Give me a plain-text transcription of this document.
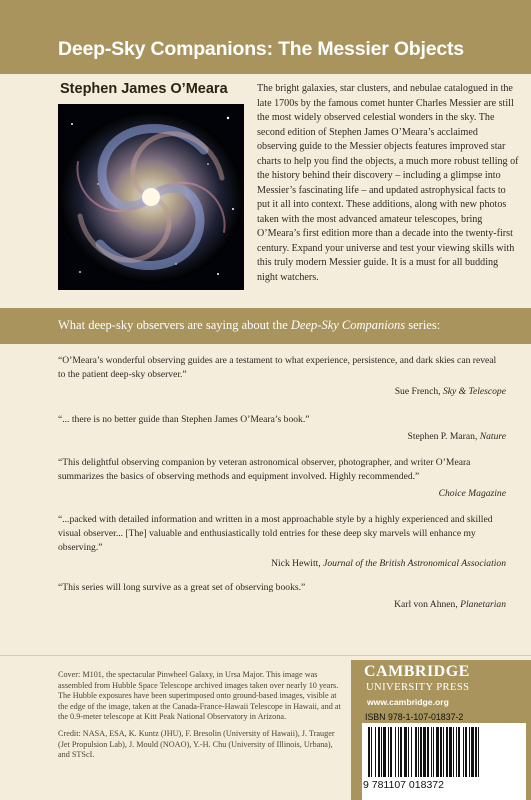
Deep-Sky Companions: The Messier Objects
Stephen James O’Meara	The bright galaxies, star clusters, and nebulae catalogued in the late 1700s by the famous comet hunter Charles Messier are still the most widely observed celestial wonders in the sky. The second edition of Stephen James O’Meara’s acclaimed observing guide to the Messier objects features improved star charts to help you find the objects, a much more robust telling of the history behind their discovery – including a glimpse into Messier’s fascinating life – and updated astrophysical facts to put it all into context. These additions, along with new photos taken with the most advanced amateur telescopes, bring O’Meara’s first edition more than a decade into the twenty-first century. Expand your universe and test your viewing skills with this truly modern Messier guide. It is a must for all budding night watchers.
What deep-sky observers are saying about the Deep-Sky Companions series:
“O’Meara’s wonderful observing guides are a testament to what experience, persistence, and dark skies can reveal to the patient deep-sky observer.”
Sue French, Sky & Telescope
“... there is no better guide than Stephen James O’Meara’s book.”
Stephen P. Maran, Nature
“This delightful observing companion by veteran astronomical observer, photographer, and writer O’Meara summarizes the basics of observing methods and equipment involved. Highly recommended.”
Choice Magazine
“...packed with detailed information and written in a most approachable style by a highly experienced and skilled visual observer... [The] valuable and enthusiastically told entries for these deep sky marvels will enhance my observing.”
Nick Hewitt, Journal of the British Astronomical Association
“This series will long survive as a great set of observing books.”
Karl von Ahnen, Planetarian

Cover: M101, the spectacular Pinwheel Galaxy, in Ursa Major. This image was assembled from Hubble Space Telescope archived images taken over nearly 10 years. The Hubble exposures have been superimposed onto ground-based images, visible at the edge of the image, taken at the Canada-France-Hawaii Telescope in Hawaii, and at the 0.9-meter telescope at Kitt Peak National Observatory in Arizona.

Credit: NASA, ESA, K. Kuntz (JHU), F. Bresolin (University of Hawaii), J. Trauger (Jet Propulsion Lab), J. Mould (NOAO), Y.-H. Chu (University of Illinois, Urbana), and STScI.

CAMBRIDGE
UNIVERSITY PRESS
www.cambridge.org
ISBN 978-1-107-01837-2
9 781107 018372
